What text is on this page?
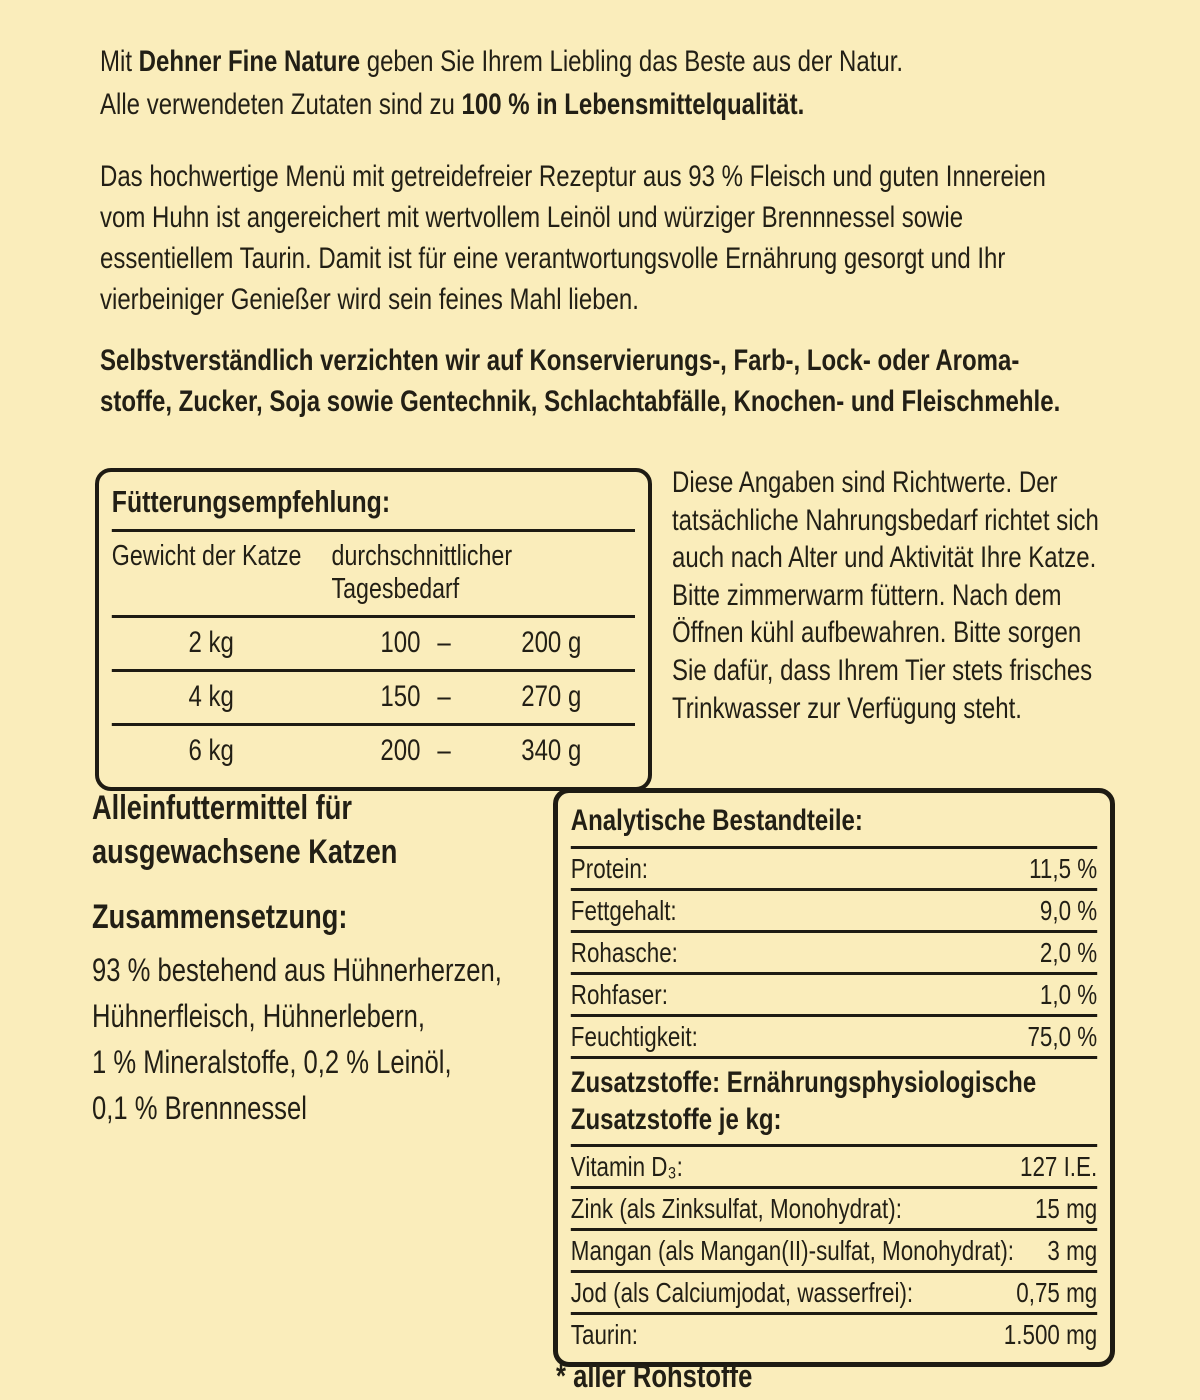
Mit Dehner Fine Nature geben Sie Ihrem Liebling das Beste aus der Natur.
Alle verwendeten Zutaten sind zu 100 % in Lebensmittelqualität.
Das hochwertige Menü mit getreidefreier Rezeptur aus 93 % Fleisch und guten Innereien
vom Huhn ist angereichert mit wertvollem Leinöl und würziger Brennnessel sowie
essentiellem Taurin. Damit ist für eine verantwortungsvolle Ernährung gesorgt und Ihr
vierbeiniger Genießer wird sein feines Mahl lieben.
Selbstverständlich verzichten wir auf Konservierungs-, Farb-, Lock- oder Aroma-
stoffe, Zucker, Soja sowie Gentechnik, Schlachtabfälle, Knochen- und Fleischmehle.
Fütterungsempfehlung:
Gewicht der Katze	durchschnittlicher Tagesbedarf
2 kg	100 –	200 g
4 kg	150 –	270 g
6 kg	200 –	340 g
Diese Angaben sind Richtwerte. Der
tatsächliche Nahrungsbedarf richtet sich
auch nach Alter und Aktivität Ihre Katze.
Bitte zimmerwarm füttern. Nach dem
Öffnen kühl aufbewahren. Bitte sorgen
Sie dafür, dass Ihrem Tier stets frisches
Trinkwasser zur Verfügung steht.
Alleinfuttermittel für
ausgewachsene Katzen
Zusammensetzung:
93 % bestehend aus Hühnerherzen,
Hühnerfleisch, Hühnerlebern,
1 % Mineralstoffe, 0,2 % Leinöl,
0,1 % Brennnessel
Analytische Bestandteile:
Protein:	11,5 %
Fettgehalt:	9,0 %
Rohasche:	2,0 %
Rohfaser:	1,0 %
Feuchtigkeit:	75,0 %
Zusatzstoffe: Ernährungsphysiologische
Zusatzstoffe je kg:
Vitamin D₃:	127 I.E.
Zink (als Zinksulfat, Monohydrat):	15 mg
Mangan (als Mangan(II)-sulfat, Monohydrat): 3 mg
Jod (als Calciumjodat, wasserfrei):	0,75 mg
Taurin:	1.500 mg
* aller Rohstoffe
